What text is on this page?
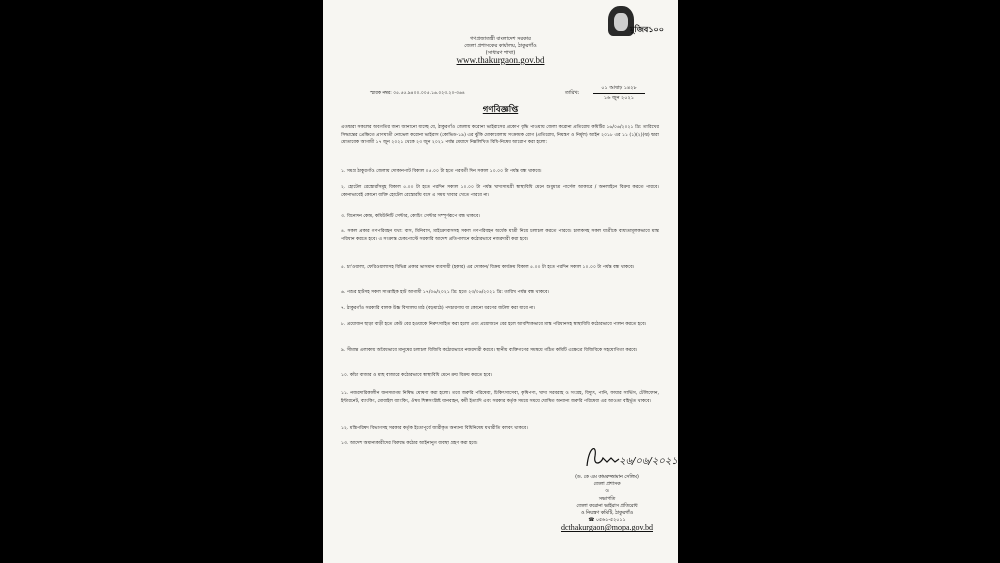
মুজিব১০০
গণপ্রজাতন্ত্রী বাংলাদেশ সরকার
জেলা প্রশাসকের কার্যালয়, ঠাকুরগাঁও
(সাধারণ শাখা)
www.thakurgaon.gov.bd
স্মারক নম্বর: ০৫.৫৫.৯৪০০.০০৫.১৬.০২৩.২০-৩৬৪	তারিখ:
০১ আষাঢ় ১৪২৮
১৬ জুন ২০২১
গণবিজ্ঞপ্তি
এতদ্বারা সকলের অবগতির জন্য জানানো যাচ্ছে যে, ঠাকুরগাঁও জেলায় করোনা ভাইরাসের প্রকোপ বৃদ্ধি পাওয়ায় জেলা করোনা প্রতিরোধ কমিটির ১৬/০৬/২০২১ খ্রি: তারিখের সিদ্ধান্তের প্রেক্ষিতে প্রাণঘাতী নোভেল করোনা ভাইরাস (কোভিড-১৯) এর ঝুঁকি মোকাবেলায় সংক্রামক রোগ (প্রতিরোধ, নিয়ন্ত্রণ ও নির্মূল) আইন ২০১৮ এর ১১ (১)(২)(ঝ) দ্বারা মোতাবেক আগামী ১৭ জুন ২০২১ থেকে ২৩ জুন ২০২১ পর্যন্ত মেয়াদে নিম্নলিখিত বিধি-নিষেধ আরোপ করা হলো:
১. সমগ্র ঠাকুরগাঁও জেলায় দোকানপাট বিকাল ০৫.০০ টা হতে পরবর্তী দিন সকাল ১০.০০ টা পর্যন্ত বন্ধ থাকবে।
২. হোটেল রেস্তোরাঁসমূহ বিকাল ৫.০০ টা হতে পরদিন সকাল ১০.০০ টা পর্যন্ত খাদ্যসামগ্রী স্বাস্থ্যবিধি মেনে শুধুমাত্র পার্সেল আকারে / অনলাইনে বিক্রয় করতে পারবে। কোনাভাবেই কোনো ব্যক্তি হোটেল রেস্তোরাঁয় বসে এ সময় খাবার খেতে পারবে না।
৩. বিনোদন কেন্দ্র, কমিউনিটি সেন্টার, কোচিং সেন্টার সম্পূর্ণরূপে বন্ধ থাকবে।
৪. সকল প্রকার গণপরিবহন যথা: বাস, মিনিবাস, মাইক্রোবাসসহ সকল গণপরিবহন অর্ধেক যাত্রী নিয়ে চলাচল করতে পারবে। চালকসহ সকল যাত্রীকে বাধ্যতামূলকভাবে মাস্ক পরিধান করতে হবে। এ সংক্রান্ত চেকপোস্টে সরকারি আদেশ প্রতিপালনে কঠোরভাবে নজরদারী করা হবে।
৫. চা'ওয়ালা, ফেরিওয়ালাসহ বিভিন্ন প্রকার ভাসমান ব্যবসায়ী (হকার) এর দোকান/ বিক্রয় কার্যক্রম বিকাল ৫.০০ টা হতে পরদিন সকাল ১০.০০ টা পর্যন্ত বন্ধ থাকবে।
৬. পশুর হাটসহ সকল সাপ্তাহিক হাট আগামী ১৭/০৬/২০২১ খ্রি: হতে ২৩/০৬/২০২১ খ্রি: তারিখ পর্যন্ত বন্ধ থাকবে।
৭. ঠাকুরগাঁও সরকারি বালক উচ্চ বিদ্যালয় মাঠ (বড়মাঠে) পদচারণায় বা কোনো ধরণের জটলা করা যাবে না।
৮. প্রয়োজন ছাড়া বাড়ী হতে কেউ বের হওয়াকে নিরুৎসাহিত করা হলো এবং প্রয়োজনে বের হলে আবশ্যিকভাবে মাস্ক পরিধানসহ স্বাস্থ্যবিধি কঠোরভাবে পালন করতে হবে।
৯. সীমান্ত এলাকায় অবৈধভাবে মানুষের চলাচল বিজিবি কঠোরভাবে নজরদারী করবে। স্থানীয় ব্যক্তিগণের সমন্বয়ে গঠিত কমিটি এক্ষেত্রে বিজিবিকে সহযোগিতা করবে।
১০. কাঁচা বাজার ও মাছ বাজারে কঠোরভাবে স্বাস্থ্যবিধি মেনে ক্রয় বিক্রয় করতে হবে।
১১. নজরদারিকালীন জনসমাগম নিষিদ্ধ ঘোষণা করা হলো। তবে জরুরি পরিষেবা, চিকিৎসাসেবা, কৃষিপণ্য, খাদ্য সরবরাহ ও সংগ্রহ, বিদ্যুৎ, পানি, ফায়ার সার্ভিস, টেলিফোন, ইন্টারনেট, ব্যাংকিং, মোবাইল ব্যাংকিং, ঔষধ শিল্পসংশ্লিষ্ট যানবাহন, কর্মী ইত্যাদি এবং সরকার কর্তৃক সময়ে সময়ে ঘোষিত অন্যান্য জরুরি পরিষেবা এর আওতা বহির্ভূত থাকবে।
১২. মন্ত্রিপরিষদ বিভাগসহ সরকার কর্তৃক ইতোপূর্বে জারীকৃত অন্যান্য বিধিনিষেধ যথারীতি বলবৎ থাকবে।
১৩. আদেশ অমান্যকারীদের বিরুদ্ধে কঠোর আইনানুগ ব্যবস্থা গ্রহণ করা হবে।
২৬/০৬/২০২১
(ড. কে এম কামরুজ্জামান সেলিম)
জেলা প্রশাসক
ও
সভাপতি
জেলা করোনা ভাইরাস প্রতিরোধ
ও নিয়ন্ত্রণ কমিটি, ঠাকুরগাঁও
☎ ০৫৬১-৫২০১১
dcthakurgaon@mopa.gov.bd
